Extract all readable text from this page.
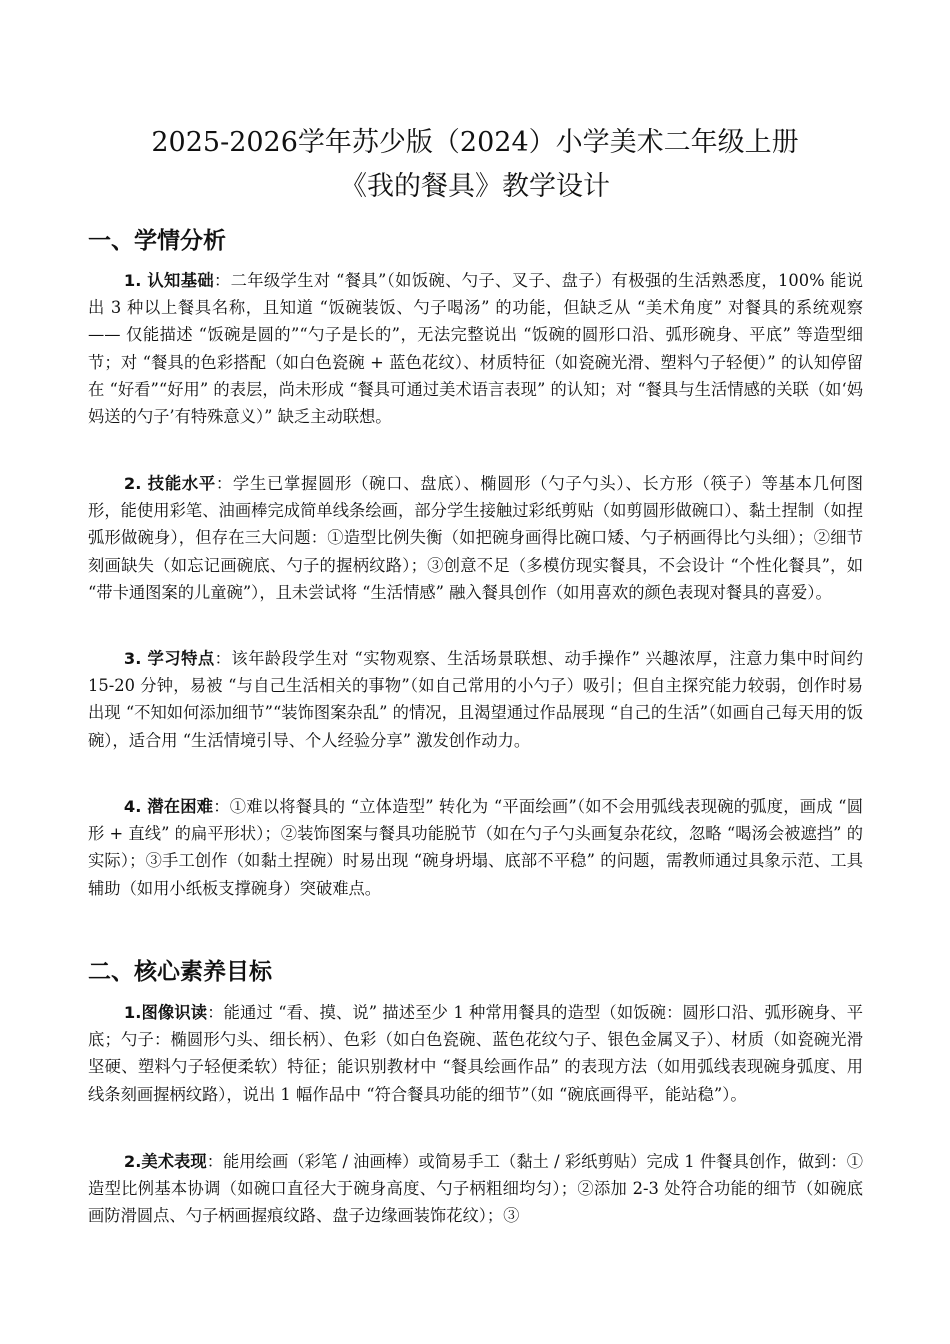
2025-2026学年苏少版（2024）小学美术二年级上册
《我的餐具》教学设计
一、学情分析

1. 认知基础：二年级学生对 “餐具”（如饭碗、勺子、叉子、盘子）有极强的生活熟悉度，100% 能说出 3 种以上餐具名称，且知道 “饭碗装饭、勺子喝汤” 的功能，但缺乏从 “美术角度” 对餐具的系统观察 —— 仅能描述 “饭碗是圆的”“勺子是长的”，无法完整说出 “饭碗的圆形口沿、弧形碗身、平底” 等造型细节；对 “餐具的色彩搭配（如白色瓷碗 + 蓝色花纹）、材质特征（如瓷碗光滑、塑料勺子轻便）” 的认知停留在 “好看”“好用” 的表层，尚未形成 “餐具可通过美术语言表现” 的认知；对 “餐具与生活情感的关联（如‘妈妈送的勺子’有特殊意义）” 缺乏主动联想。

2. 技能水平：学生已掌握圆形（碗口、盘底）、椭圆形（勺子勺头）、长方形（筷子）等基本几何图形，能使用彩笔、油画棒完成简单线条绘画，部分学生接触过彩纸剪贴（如剪圆形做碗口）、黏土捏制（如捏弧形做碗身），但存在三大问题：①造型比例失衡（如把碗身画得比碗口矮、勺子柄画得比勺头细）；②细节刻画缺失（如忘记画碗底、勺子的握柄纹路）；③创意不足（多模仿现实餐具，不会设计 “个性化餐具”，如 “带卡通图案的儿童碗”），且未尝试将 “生活情感” 融入餐具创作（如用喜欢的颜色表现对餐具的喜爱）。

3. 学习特点：该年龄段学生对 “实物观察、生活场景联想、动手操作” 兴趣浓厚，注意力集中时间约 15-20 分钟，易被 “与自己生活相关的事物”（如自己常用的小勺子）吸引；但自主探究能力较弱，创作时易出现 “不知如何添加细节”“装饰图案杂乱” 的情况，且渴望通过作品展现 “自己的生活”（如画自己每天用的饭碗），适合用 “生活情境引导、个人经验分享” 激发创作动力。

4. 潜在困难：①难以将餐具的 “立体造型” 转化为 “平面绘画”（如不会用弧线表现碗的弧度，画成 “圆形 + 直线” 的扁平形状）；②装饰图案与餐具功能脱节（如在勺子勺头画复杂花纹，忽略 “喝汤会被遮挡” 的实际）；③手工创作（如黏土捏碗）时易出现 “碗身坍塌、底部不平稳” 的问题，需教师通过具象示范、工具辅助（如用小纸板支撑碗身）突破难点。

二、核心素养目标

1.图像识读：能通过 “看、摸、说” 描述至少 1 种常用餐具的造型（如饭碗：圆形口沿、弧形碗身、平底；勺子：椭圆形勺头、细长柄）、色彩（如白色瓷碗、蓝色花纹勺子、银色金属叉子）、材质（如瓷碗光滑坚硬、塑料勺子轻便柔软）特征；能识别教材中 “餐具绘画作品” 的表现方法（如用弧线表现碗身弧度、用线条刻画握柄纹路），说出 1 幅作品中 “符合餐具功能的细节”（如 “碗底画得平，能站稳”）。

2.美术表现：能用绘画（彩笔 / 油画棒）或简易手工（黏土 / 彩纸剪贴）完成 1 件餐具创作，做到：①造型比例基本协调（如碗口直径大于碗身高度、勺子柄粗细均匀）；②添加 2-3 处符合功能的细节（如碗底画防滑圆点、勺子柄画握痕纹路、盘子边缘画装饰花纹）；③
